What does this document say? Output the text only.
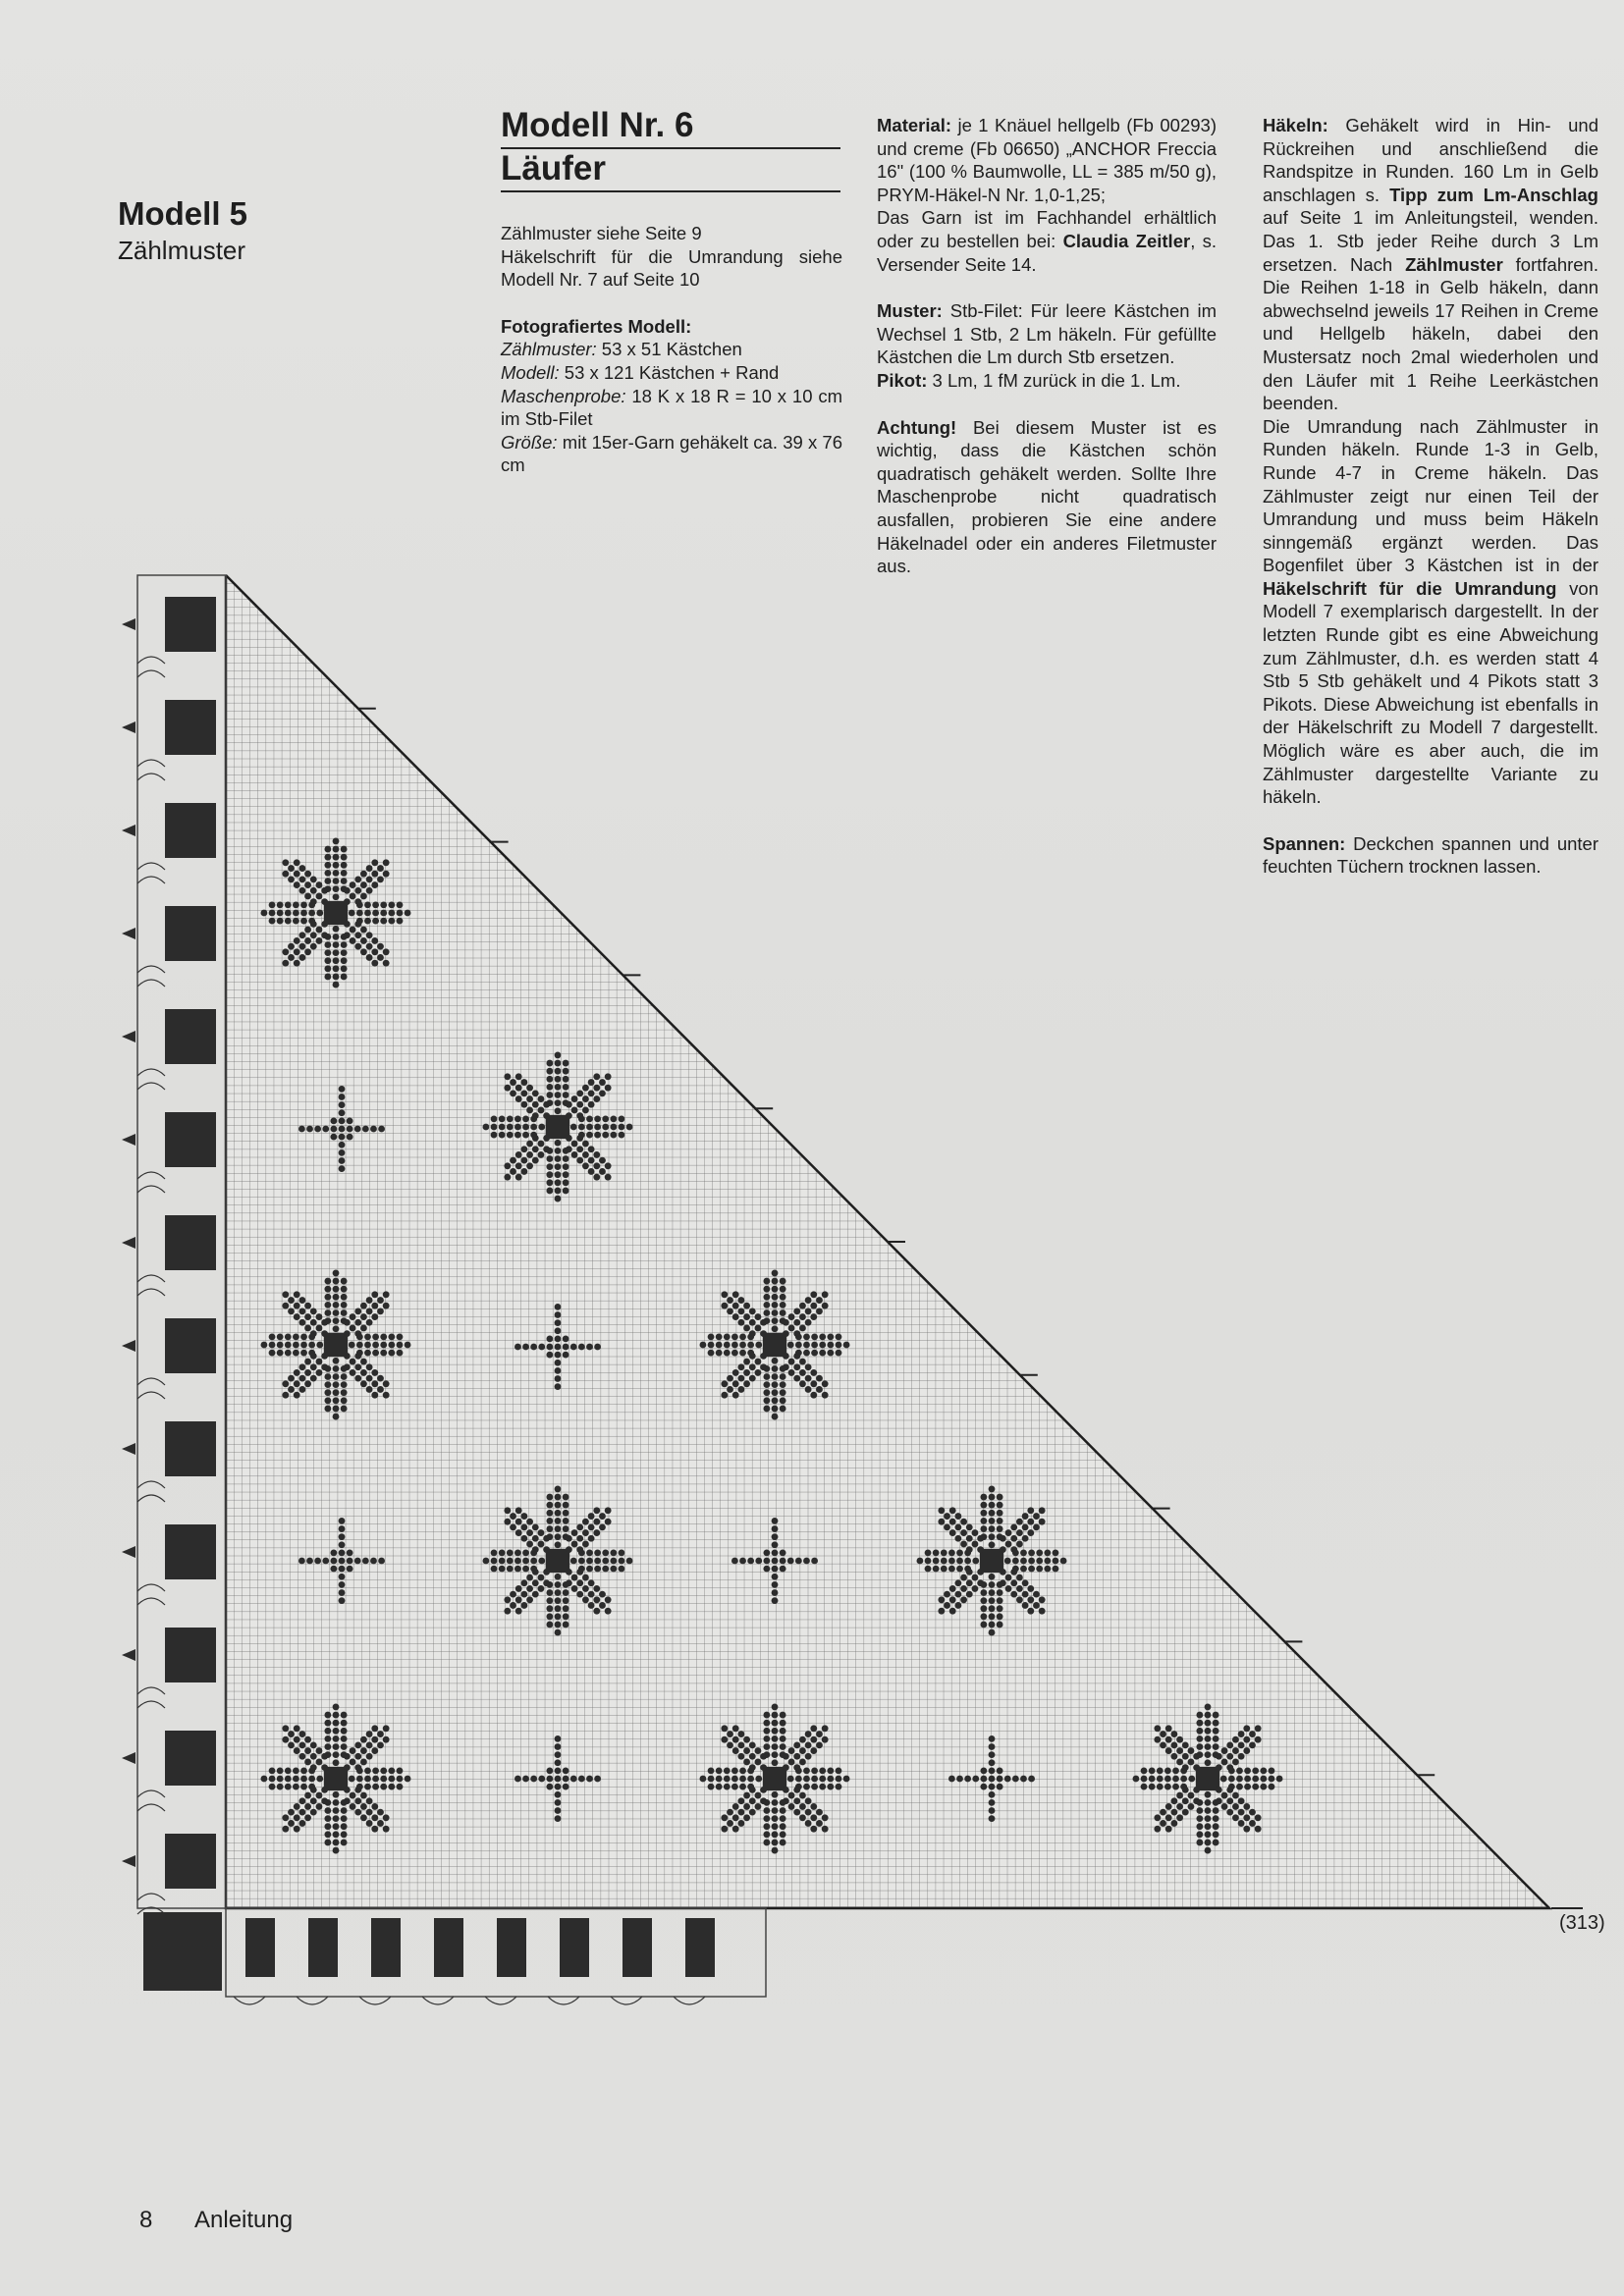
Modell 5
Zählmuster
Modell Nr. 6
Läufer

Zählmuster siehe Seite 9

Häkelschrift für die Umrandung siehe Modell Nr. 7 auf Seite 10

Fotografiertes Modell:

Zählmuster: 53 x 51 Kästchen

Modell: 53 x 121 Kästchen + Rand

Maschenprobe: 18 K x 18 R = 10 x 10 cm im Stb-Filet

Größe: mit 15er-Garn gehäkelt ca. 39 x 76 cm

Material: je 1 Knäuel hellgelb (Fb 00293) und creme (Fb 06650) „ANCHOR Freccia 16" (100 % Baumwolle, LL = 385 m/50 g), PRYM-Häkel-N Nr. 1,0-1,25;

Das Garn ist im Fachhandel erhältlich oder zu bestellen bei: Claudia Zeitler, s. Versender Seite 14.

Muster: Stb-Filet: Für leere Kästchen im Wechsel 1 Stb, 2 Lm häkeln. Für gefüllte Kästchen die Lm durch Stb ersetzen.

Pikot: 3 Lm, 1 fM zurück in die 1. Lm.

Achtung! Bei diesem Muster ist es wichtig, dass die Kästchen schön quadratisch gehäkelt werden. Sollte Ihre Maschenprobe nicht quadratisch ausfallen, probieren Sie eine andere Häkelnadel oder ein anderes Filetmuster aus.

Häkeln: Gehäkelt wird in Hin- und Rückreihen und anschließend die Randspitze in Runden. 160 Lm in Gelb anschlagen s. Tipp zum Lm-Anschlag auf Seite 1 im Anleitungsteil, wenden. Das 1. Stb jeder Reihe durch 3 Lm ersetzen. Nach Zählmuster fortfahren. Die Reihen 1-18 in Gelb häkeln, dann abwechselnd jeweils 17 Reihen in Creme und Hellgelb häkeln, dabei den Mustersatz noch 2mal wiederholen und den Läufer mit 1 Reihe Leerkästchen beenden.

Die Umrandung nach Zählmuster in Runden häkeln. Runde 1-3 in Gelb, Runde 4-7 in Creme häkeln. Das Zählmuster zeigt nur einen Teil der Umrandung und muss beim Häkeln sinngemäß ergänzt werden. Das Bogenfilet über 3 Kästchen ist in der Häkelschrift für die Umrandung von Modell 7 exemplarisch dargestellt. In der letzten Runde gibt es eine Abweichung zum Zählmuster, d.h. es werden statt 4 Stb 5 Stb gehäkelt und 4 Pikots statt 3 Pikots. Diese Abweichung ist ebenfalls in der Häkelschrift zu Modell 7 dargestellt. Möglich wäre es aber auch, die im Zählmuster dargestellte Variante zu häkeln.

Spannen: Deckchen spannen und unter feuchten Tüchern trocknen lassen.

(313)
8 Anleitung
